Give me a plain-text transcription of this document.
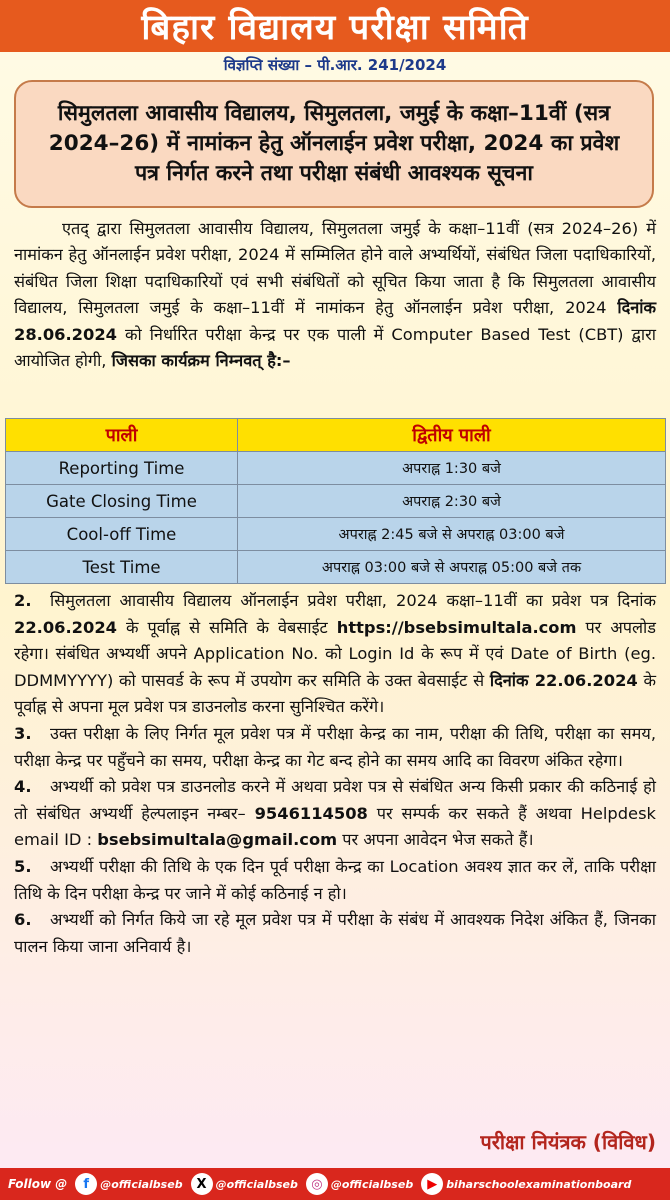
बिहार विद्यालय परीक्षा समिति
विज्ञप्ति संख्या – पी.आर. 241/2024

सिमुलतला आवासीय विद्यालय, सिमुलतला, जमुई के कक्षा–11वीं (सत्र 2024–26) में नामांकन हेतु ऑनलाईन प्रवेश परीक्षा, 2024 का प्रवेश पत्र निर्गत करने तथा परीक्षा संबंधी आवश्यक सूचना

एतद् द्वारा सिमुलतला आवासीय विद्यालय, सिमुलतला जमुई के कक्षा–11वीं (सत्र 2024–26) में नामांकन हेतु ऑनलाईन प्रवेश परीक्षा, 2024 में सम्मिलित होने वाले अभ्यर्थियों, संबंधित जिला पदाधिकारियों, संबंधित जिला शिक्षा पदाधिकारियों एवं सभी संबंधितों को सूचित किया जाता है कि सिमुलतला आवासीय विद्यालय, सिमुलतला जमुई के कक्षा–11वीं में नामांकन हेतु ऑनलाईन प्रवेश परीक्षा, 2024 दिनांक 28.06.2024 को निर्धारित परीक्षा केन्द्र पर एक पाली में Computer Based Test (CBT) द्वारा आयोजित होगी, जिसका कार्यक्रम निम्नवत् है:–
पाली	द्वितीय पाली
Reporting Time	अपराह्न 1:30 बजे
Gate Closing Time	अपराह्न 2:30 बजे
Cool-off Time	अपराह्न 2:45 बजे से अपराह्न 03:00 बजे
Test Time	अपराह्न 03:00 बजे से अपराह्न 05:00 बजे तक

2. सिमुलतला आवासीय विद्यालय ऑनलाईन प्रवेश परीक्षा, 2024 कक्षा–11वीं का प्रवेश पत्र दिनांक 22.06.2024 के पूर्वाह्न से समिति के वेबसाईट https://bsebsimultala.com पर अपलोड रहेगा। संबंधित अभ्यर्थी अपने Application No. को Login Id के रूप में एवं Date of Birth (eg. DDMMYYYY) को पासवर्ड के रूप में उपयोग कर समिति के उक्त बेवसाईट से दिनांक 22.06.2024 के पूर्वाह्न से अपना मूल प्रवेश पत्र डाउनलोड करना सुनिश्चित करेंगे।

3. उक्त परीक्षा के लिए निर्गत मूल प्रवेश पत्र में परीक्षा केन्द्र का नाम, परीक्षा की तिथि, परीक्षा का समय, परीक्षा केन्द्र पर पहुँचने का समय, परीक्षा केन्द्र का गेट बन्द होने का समय आदि का विवरण अंकित रहेगा।

4. अभ्यर्थी को प्रवेश पत्र डाउनलोड करने में अथवा प्रवेश पत्र से संबंधित अन्य किसी प्रकार की कठिनाई हो तो संबंधित अभ्यर्थी हेल्पलाइन नम्बर– 9546114508 पर सम्पर्क कर सकते हैं अथवा Helpdesk email ID : bsebsimultala@gmail.com पर अपना आवेदन भेज सकते हैं।

5. अभ्यर्थी परीक्षा की तिथि के एक दिन पूर्व परीक्षा केन्द्र का Location अवश्य ज्ञात कर लें, ताकि परीक्षा तिथि के दिन परीक्षा केन्द्र पर जाने में कोई कठिनाई न हो।

6. अभ्यर्थी को निर्गत किये जा रहे मूल प्रवेश पत्र में परीक्षा के संबंध में आवश्यक निदेश अंकित हैं, जिनका पालन किया जाना अनिवार्य है।

परीक्षा नियंत्रक (विविध)
Follow @	f	@officialbseb	X @officialbseb	◎ @officialbseb	▶ biharschoolexaminationboard
